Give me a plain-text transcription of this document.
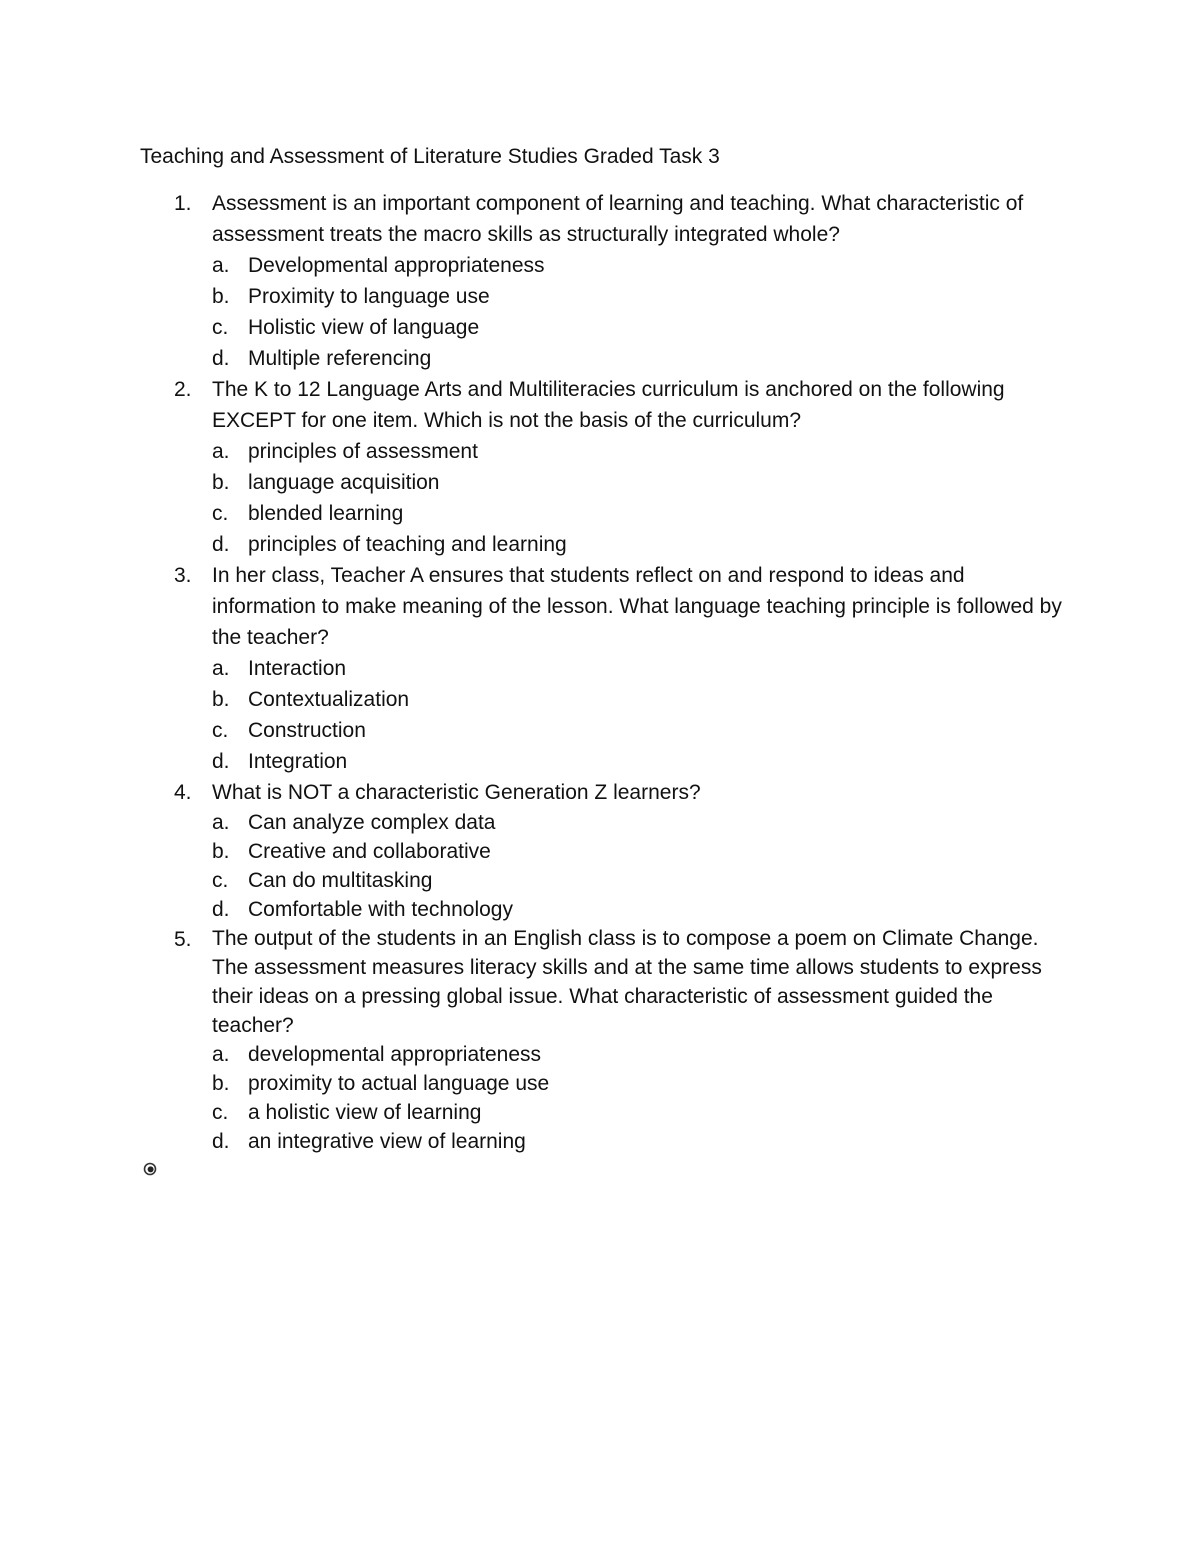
Teaching and Assessment of Literature Studies Graded Task 3
1. Assessment is an important component of learning and teaching. What characteristic of assessment treats the macro skills as structurally integrated whole?
a. Developmental appropriateness
b. Proximity to language use
c. Holistic view of language
d. Multiple referencing
2. The K to 12 Language Arts and Multiliteracies curriculum is anchored on the following EXCEPT for one item. Which is not the basis of the curriculum?
a. principles of assessment
b. language acquisition
c. blended learning
d. principles of teaching and learning
3. In her class, Teacher A ensures that students reflect on and respond to ideas and information to make meaning of the lesson. What language teaching principle is followed by the teacher?
a. Interaction
b. Contextualization
c. Construction
d. Integration
4. What is NOT a characteristic Generation Z learners?
a. Can analyze complex data
b. Creative and collaborative
c. Can do multitasking
d. Comfortable with technology
5. The output of the students in an English class is to compose a poem on Climate Change. The assessment measures literacy skills and at the same time allows students to express their ideas on a pressing global issue. What characteristic of assessment guided the teacher?
a. developmental appropriateness
b. proximity to actual language use
c. a holistic view of learning
d. an integrative view of learning
